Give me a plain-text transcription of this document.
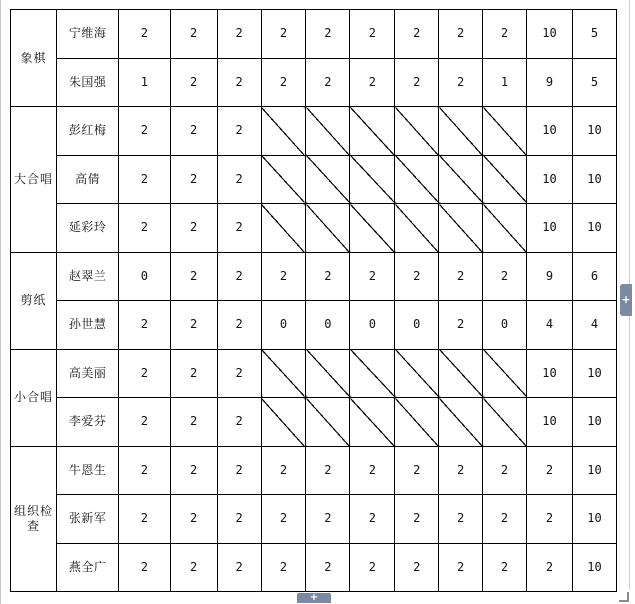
象棋	宁维海	2	2	2	2	2	2	2	2	2	10	5
	朱国强	1	2	2	2	2	2	2	2	1	9	5
大合唱	彭红梅	2	2	2							10	10
	高倩	2	2	2							10	10
	延彩玲	2	2	2							10	10
剪纸	赵翠兰	0	2	2	2	2	2	2	2	2	9	6
	孙世慧	2	2	2	0	0	0	0	2	0	4	4
小合唱	高美丽	2	2	2							10	10
	李爱芬	2	2	2							10	10
组织检查	牛恩生	2	2	2	2	2	2	2	2	2	2	10
	张新军	2	2	2	2	2	2	2	2	2	2	10
	燕全广	2	2	2	2	2	2	2	2	2	2	10
+
+
